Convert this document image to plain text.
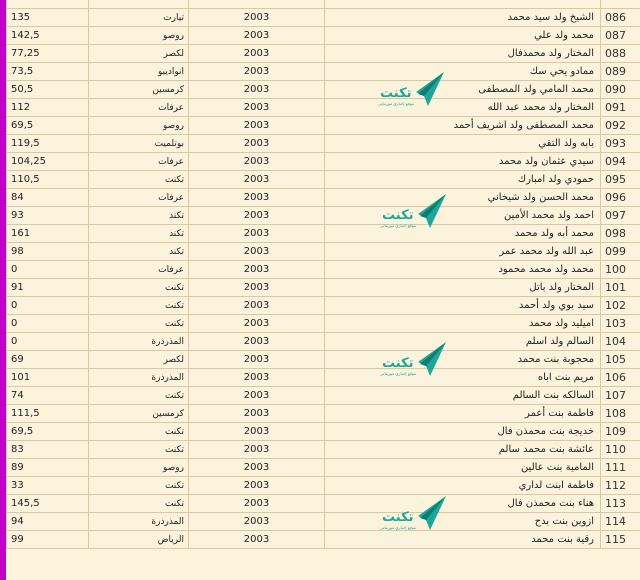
135	تيارت	2003	الشيخ ولد سيد محمد	086
142,5	روصو	2003	محمد ولد علي	087
77,25	لكصر	2003	المختار ولد محمذفال	088
73,5	انواديبو	2003	ممادو يحي سك	089
50,5	كرمسين	2003	محمد المامي ولد المصطفى	090
112	عرفات	2003	المختار ولد محمد عبد الله	091
69,5	روصو	2003	محمد المصطفى ولد اشريف أحمد	092
119,5	بوتلميت	2003	بابه ولد التقي	093
104,25	عرفات	2003	سيدي عثمان ولد محمد	094
110,5	تكنت	2003	حمودي ولد امبارك	095
84	عرفات	2003	محمد الحسن ولد شيخاني	096
93	تكند	2003	احمد ولد محمد الأمين	097
161	تكند	2003	محمد أبه ولد محمد	098
98	تكند	2003	عبد الله ولد محمد عمر	099
0	عرفات	2003	محمد ولد محمد محمود	100
91	تكنت	2003	المختار ولد باتل	101
0	تكنت	2003	سيد بوي ولد أحمد	102
0	تكنت	2003	اميليد ولد محمد	103
0	المذرذرة	2003	السالم ولد اسلم	104
69	لكصر	2003	محجوبة بنت محمد	105
101	المذرذرة	2003	مريم بنت اباه	106
74	تكنت	2003	السالكه بنت السالم	107
111,5	كرمسين	2003	فاطمة بنت أعمر	108
69,5	تكنت	2003	خديجة بنت محمذن فال	109
83	تكنت	2003	عائشة بنت محمد سالم	110
89	روصو	2003	المامية بنت عالين	111
33	تكنت	2003	فاطمة ابنت لداري	112
145,5	تكنت	2003	هناء بنت محمذن فال	113
94	المذرذرة	2003	ازوين بنت بدح	114
99	الرياض	2003	رقية بنت محمد	115
تكنت
موقع إخباري موريتاني
تكنت
موقع إخباري موريتاني
تكنت
موقع إخباري موريتاني
تكنت
موقع إخباري موريتاني
